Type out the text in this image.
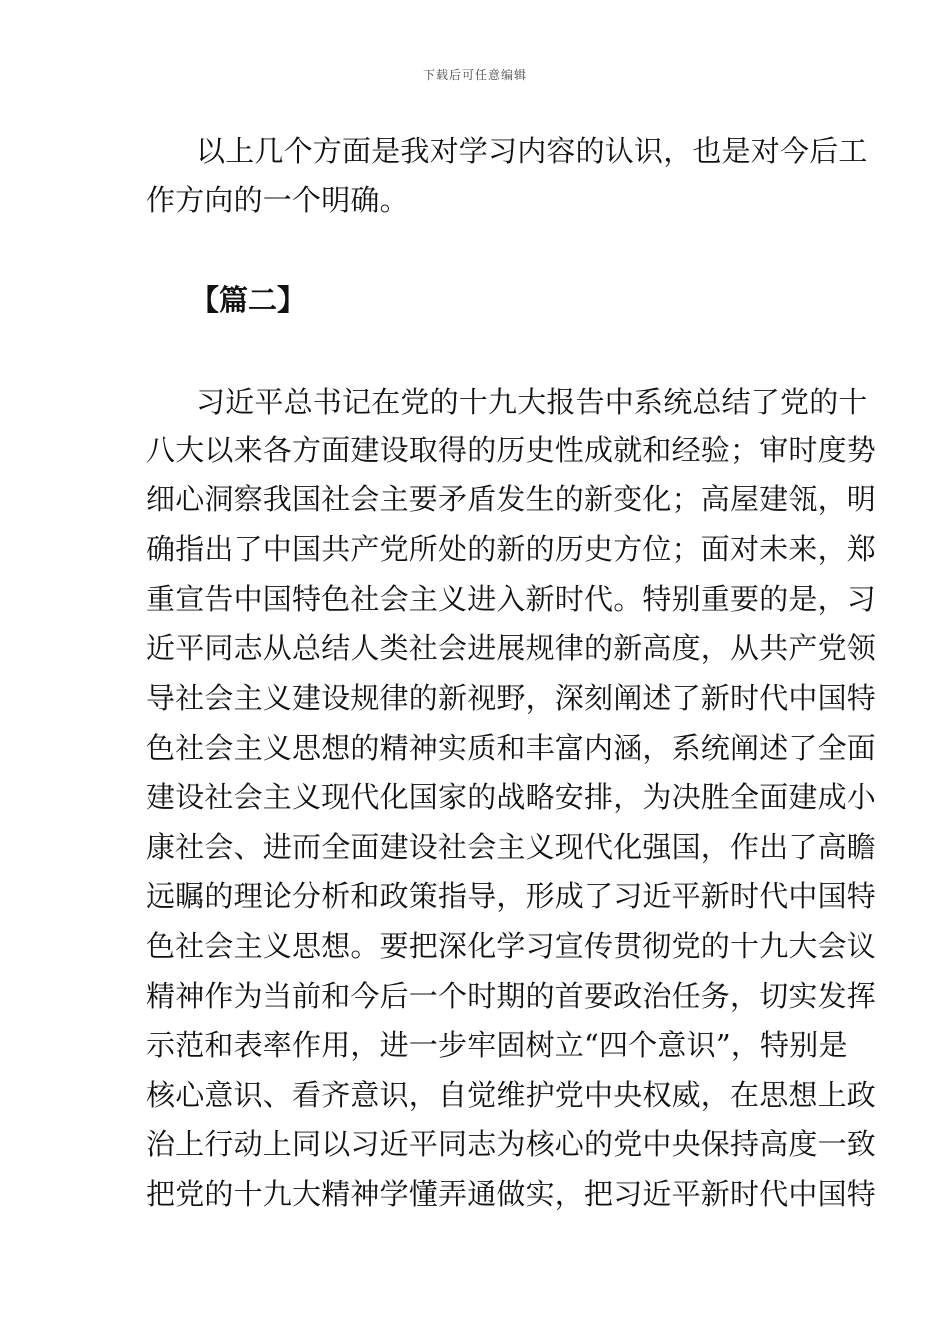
下载后可任意编辑
以上几个方面是我对学习内容的认识，也是对今后工
作方向的一个明确。
【篇二】
习近平总书记在党的十九大报告中系统总结了党的十
八大以来各方面建设取得的历史性成就和经验；审时度势
细心洞察我国社会主要矛盾发生的新变化；高屋建瓴，明
确指出了中国共产党所处的新的历史方位；面对未来，郑
重宣告中国特色社会主义进入新时代。特别重要的是，习
近平同志从总结人类社会进展规律的新高度，从共产党领
导社会主义建设规律的新视野，深刻阐述了新时代中国特
色社会主义思想的精神实质和丰富内涵，系统阐述了全面
建设社会主义现代化国家的战略安排，为决胜全面建成小
康社会、进而全面建设社会主义现代化强国，作出了高瞻
远瞩的理论分析和政策指导，形成了习近平新时代中国特
色社会主义思想。要把深化学习宣传贯彻党的十九大会议
精神作为当前和今后一个时期的首要政治任务，切实发挥
示范和表率作用，进一步牢固树立“四个意识”，特别是
核心意识、看齐意识，自觉维护党中央权威，在思想上政
治上行动上同以习近平同志为核心的党中央保持高度一致
把党的十九大精神学懂弄通做实，把习近平新时代中国特
